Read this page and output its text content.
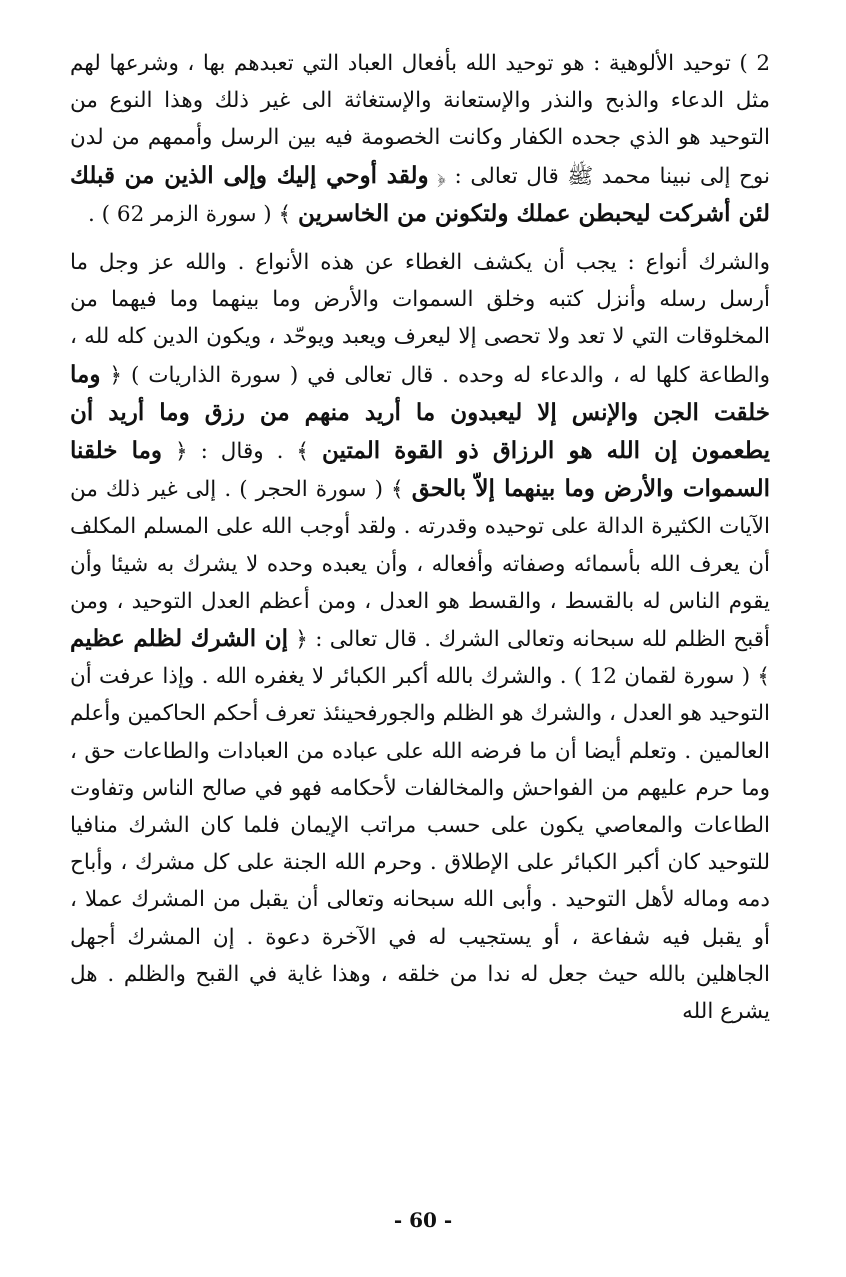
2 ) توحيد الألوهية : هو توحيد الله بأفعال العباد التي تعبدهم بها ، وشرعها لهم مثل الدعاء والذبح والنذر والإستعانة والإستغاثة الى غير ذلك وهذا النوع من التوحيد هو الذي جحده الكفار وكانت الخصومة فيه بين الرسل وأممهم من لدن نوح إلى نبينا محمد ﷺ قال تعالى : ﴿ ولقد أوحي إليك وإلى الذين من قبلك لئن أشركت ليحبطن عملك ولتكونن من الخاسرين ﴾ ( سورة الزمر 62 ) .

والشرك أنواع : يجب أن يكشف الغطاء عن هذه الأنواع . والله عز وجل ما أرسل رسله وأنزل كتبه وخلق السموات والأرض وما بينهما وما فيهما من المخلوقات التي لا تعد ولا تحصى إلا ليعرف ويعبد ويوحّد ، ويكون الدين كله لله ، والطاعة كلها له ، والدعاء له وحده . قال تعالى في ( سورة الذاريات ) ﴿ وما خلقت الجن والإنس إلا ليعبدون ما أريد منهم من رزق وما أريد أن يطعمون إن الله هو الرزاق ذو القوة المتين ﴾ . وقال : ﴿ وما خلقنا السموات والأرض وما بينهما إلاّ بالحق ﴾ ( سورة الحجر ) . إلى غير ذلك من الآيات الكثيرة الدالة على توحيده وقدرته . ولقد أوجب الله على المسلم المكلف أن يعرف الله بأسمائه وصفاته وأفعاله ، وأن يعبده وحده لا يشرك به شيئا وأن يقوم الناس له بالقسط ، والقسط هو العدل ، ومن أعظم العدل التوحيد ، ومن أقبح الظلم لله سبحانه وتعالى الشرك . قال تعالى : ﴿ إن الشرك لظلم عظيم ﴾ ( سورة لقمان 12 ) . والشرك بالله أكبر الكبائر لا يغفره الله . وإذا عرفت أن التوحيد هو العدل ، والشرك هو الظلم والجورفحينئذ تعرف أحكم الحاكمين وأعلم العالمين . وتعلم أيضا أن ما فرضه الله على عباده من العبادات والطاعات حق ، وما حرم عليهم من الفواحش والمخالفات لأحكامه فهو في صالح الناس وتفاوت الطاعات والمعاصي يكون على حسب مراتب الإيمان فلما كان الشرك منافيا للتوحيد كان أكبر الكبائر على الإطلاق . وحرم الله الجنة على كل مشرك ، وأباح دمه وماله لأهل التوحيد . وأبى الله سبحانه وتعالى أن يقبل من المشرك عملا ، أو يقبل فيه شفاعة ، أو يستجيب له في الآخرة دعوة . إن المشرك أجهل الجاهلين بالله حيث جعل له ندا من خلقه ، وهذا غاية في القبح والظلم . هل يشرع الله

- 60 -
